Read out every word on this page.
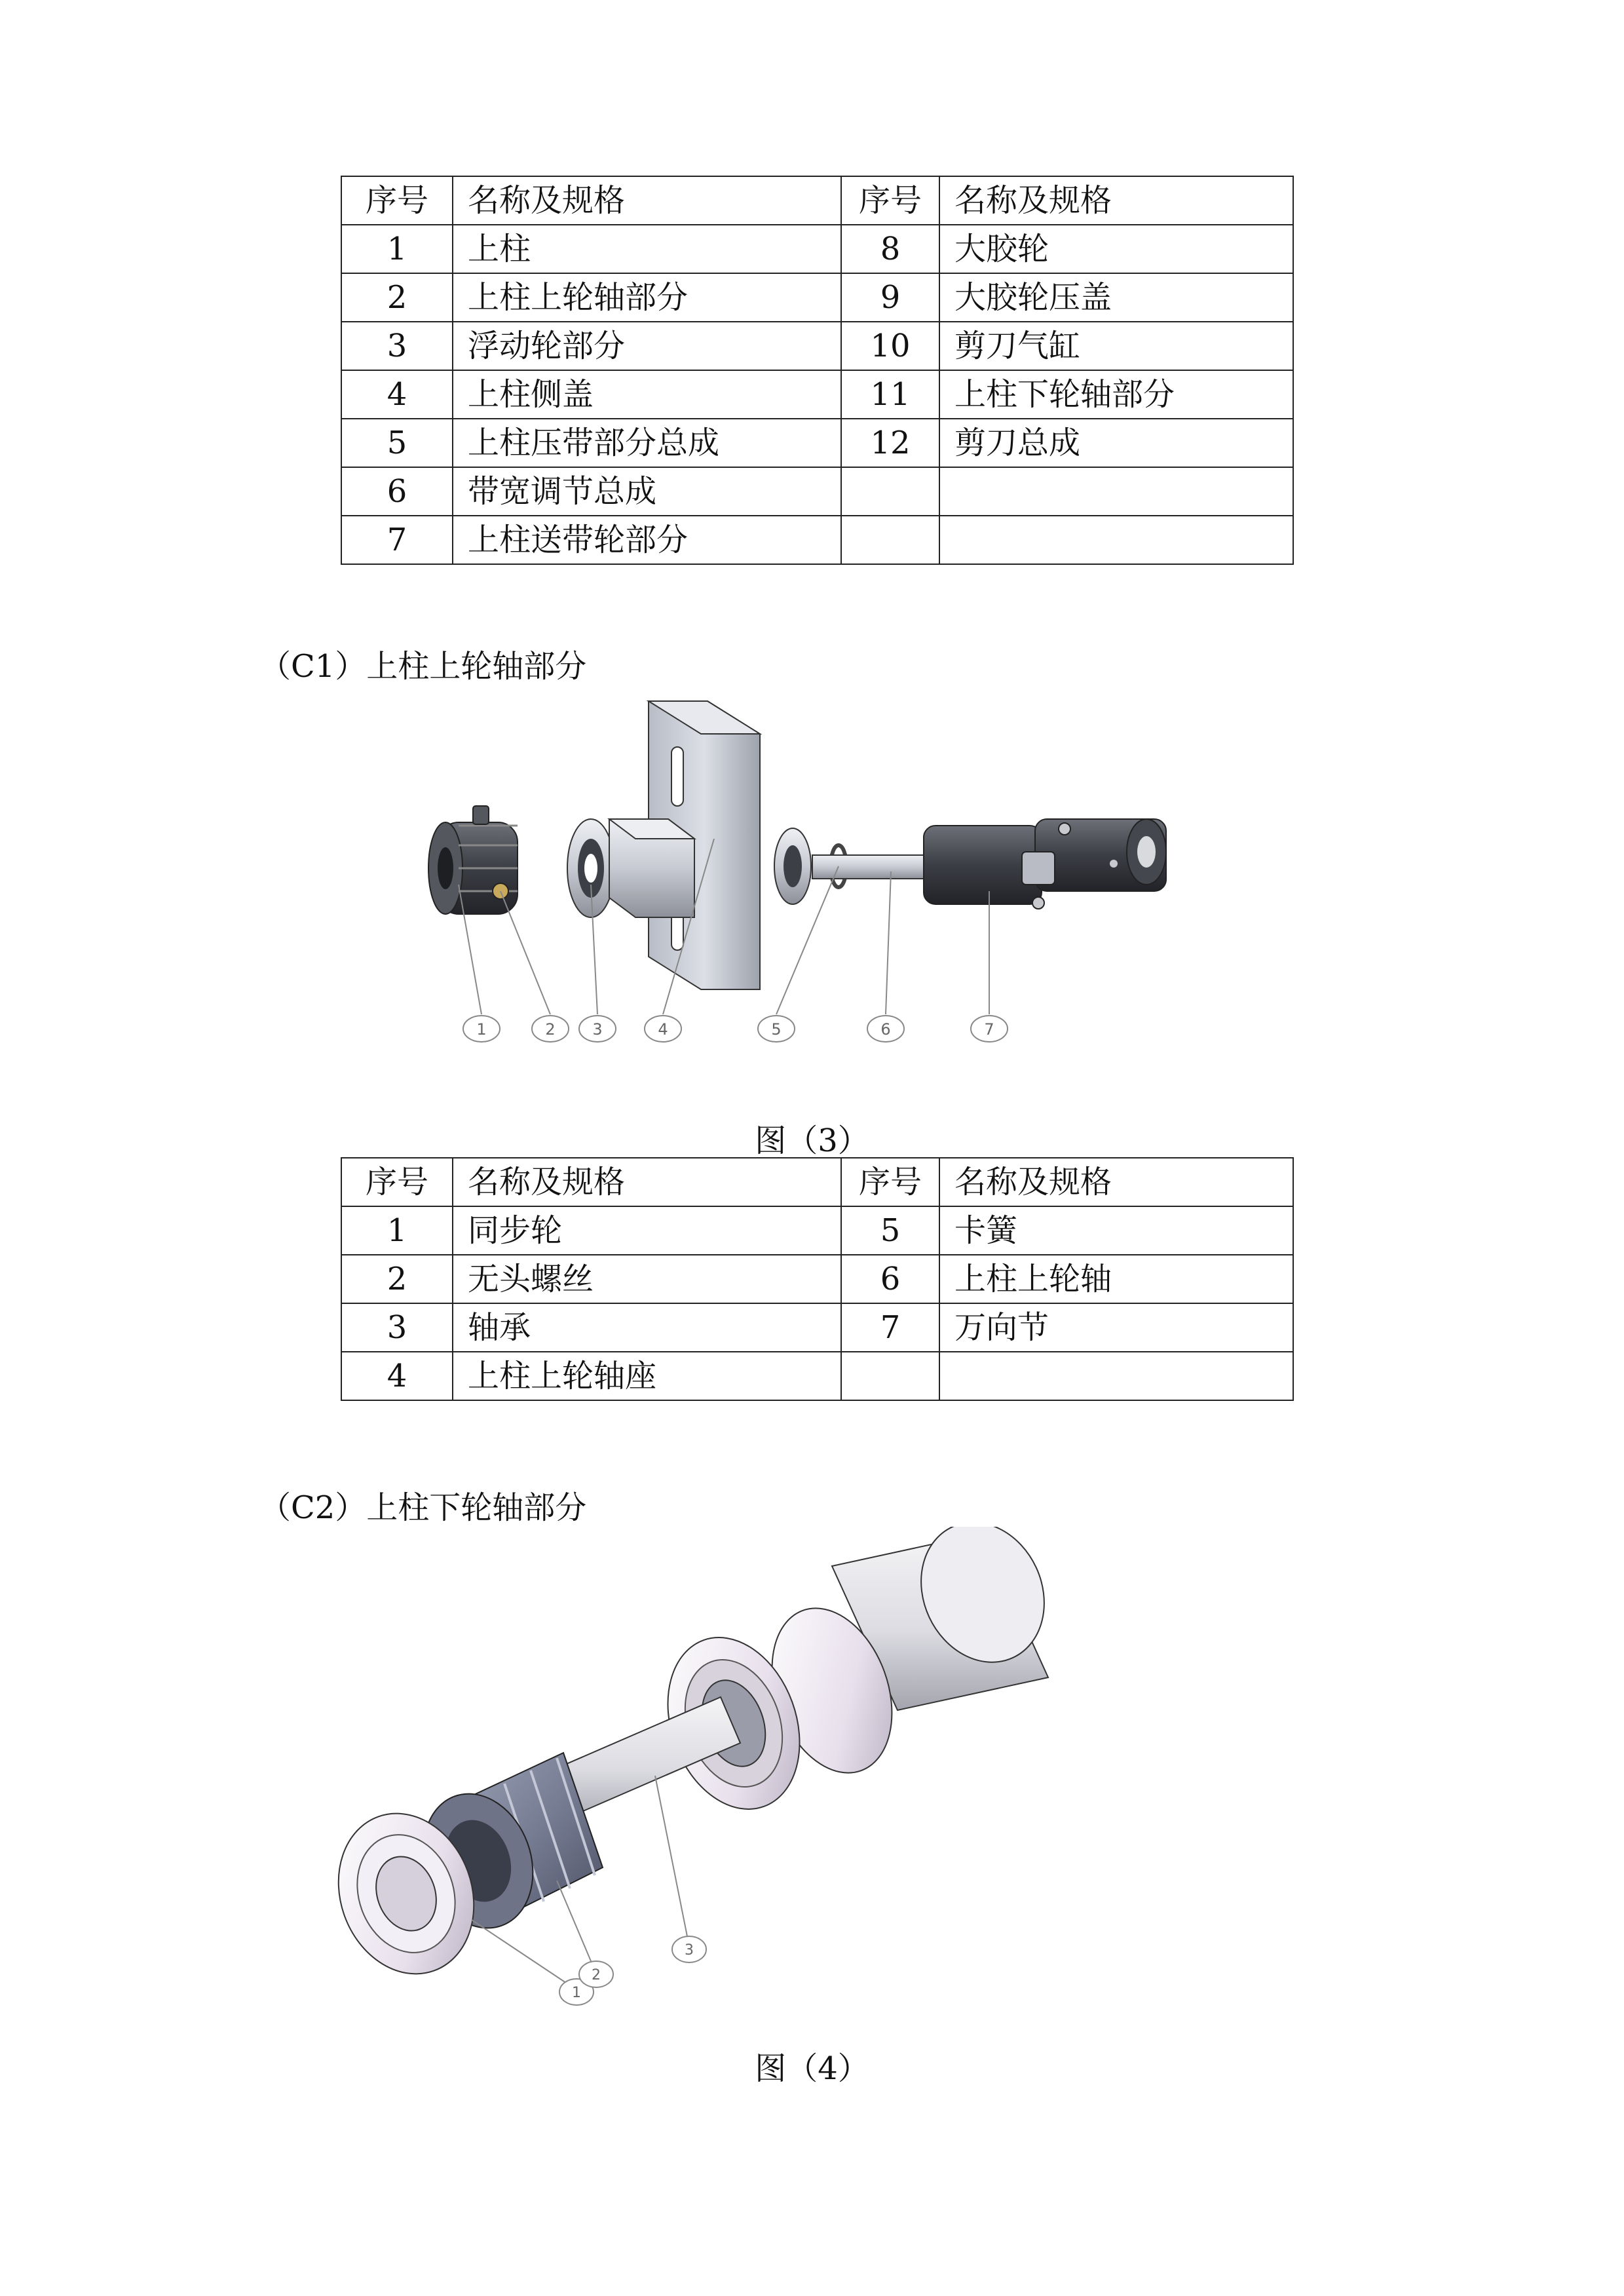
序号	名称及规格	序号	名称及规格
1	上柱	8	大胶轮
2	上柱上轮轴部分	9	大胶轮压盖
3	浮动轮部分	10	剪刀气缸
4	上柱侧盖	11	上柱下轮轴部分
5	上柱压带部分总成	12	剪刀总成
6	带宽调节总成		
7	上柱送带轮部分		
（C1）上柱上轮轴部分
1	2 3	4	5	6	7
图（3）
序号	名称及规格	序号	名称及规格
1	同步轮	5	卡簧
2	无头螺丝	6	上柱上轮轴
3	轴承	7	万向节
4	上柱上轮轴座		
（C2）上柱下轮轴部分
1
2
3
图（4）
